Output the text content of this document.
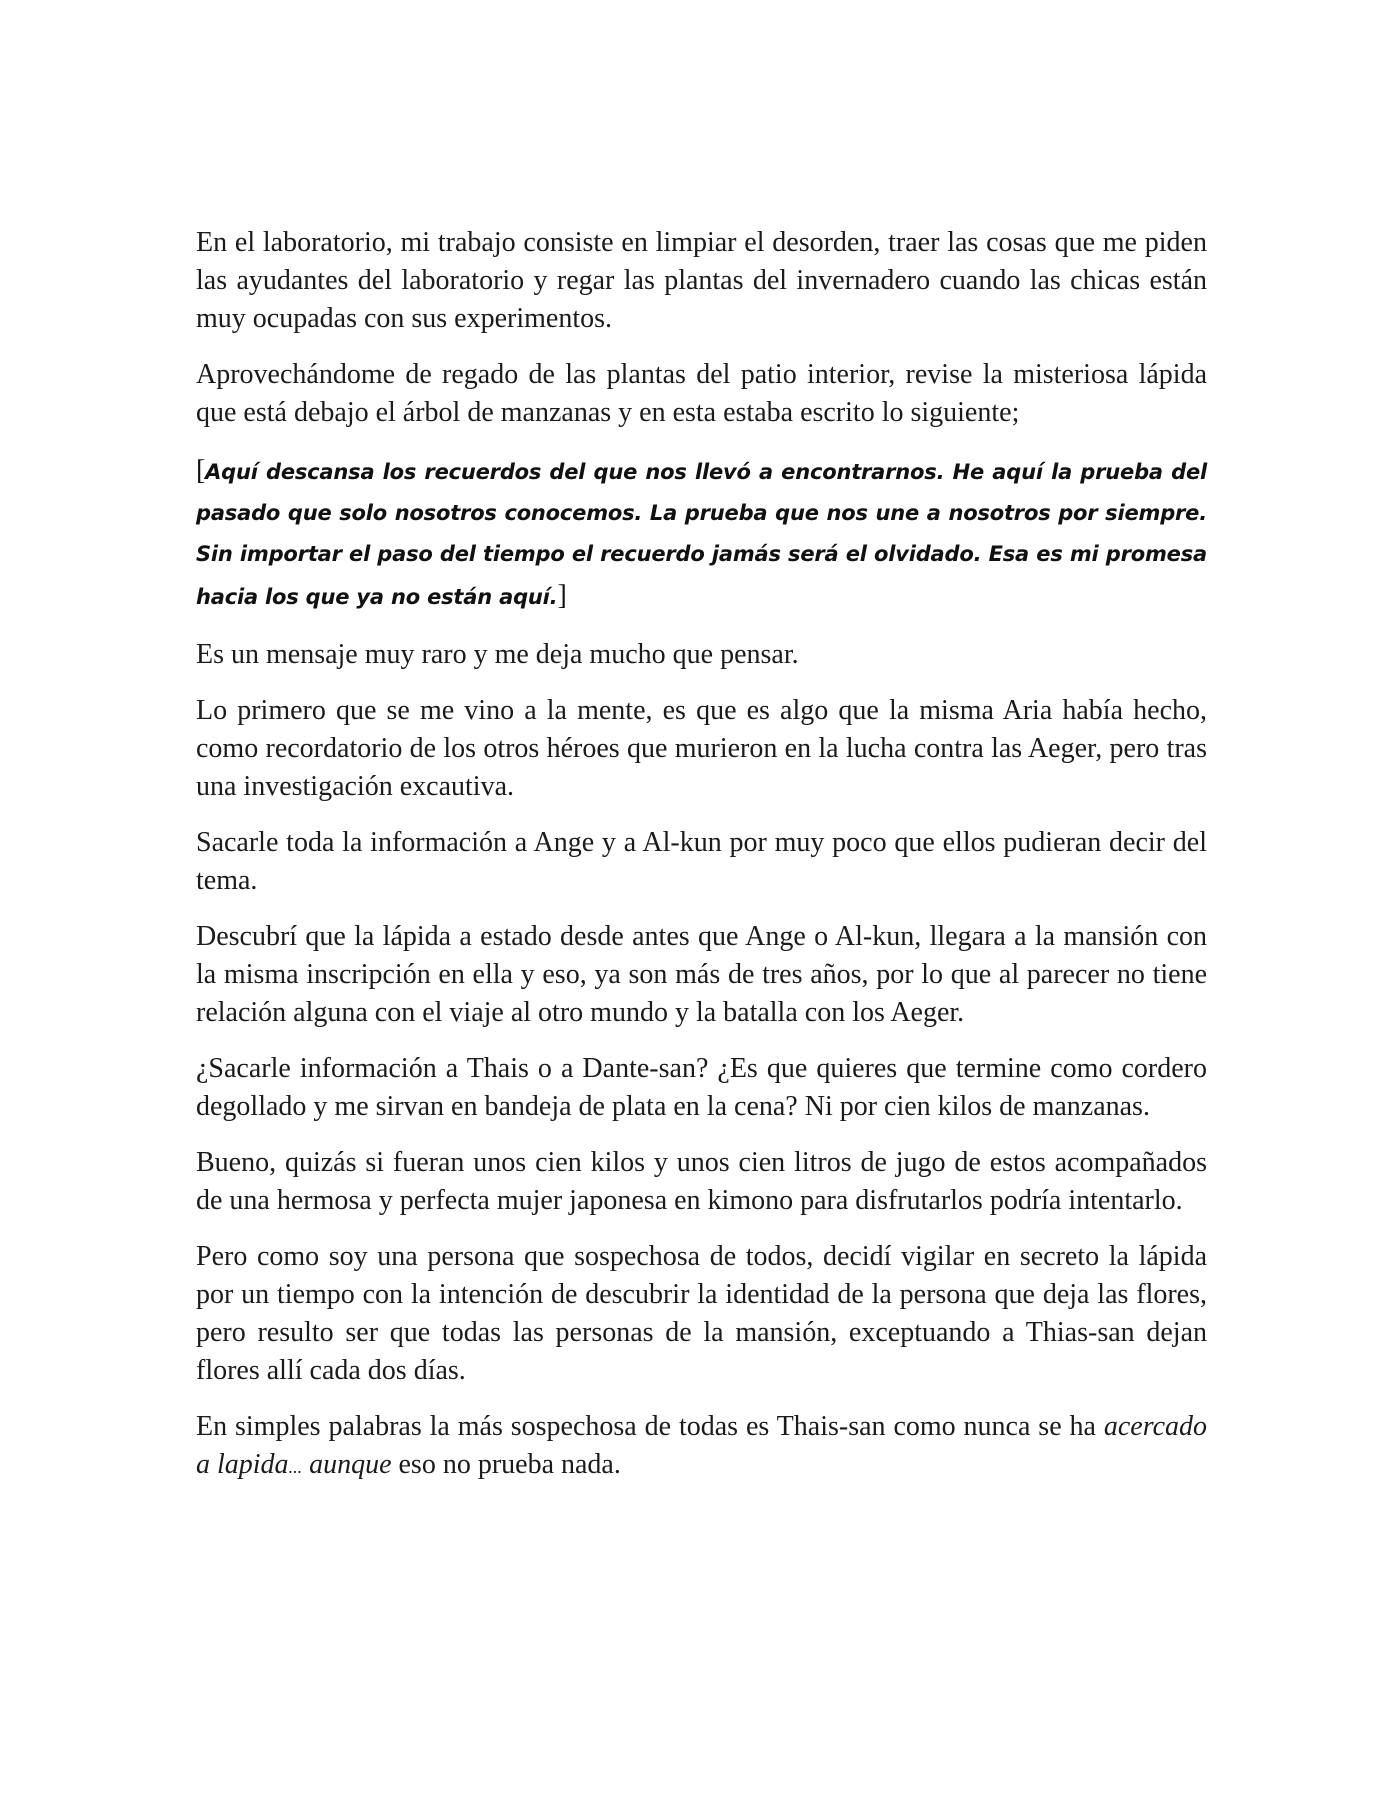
En el laboratorio, mi trabajo consiste en limpiar el desorden, traer las cosas que me piden las ayudantes del laboratorio y regar las plantas del invernadero cuando las chicas están muy ocupadas con sus experimentos.

Aprovechándome de regado de las plantas del patio interior, revise la misteriosa lápida que está debajo el árbol de manzanas y en esta estaba escrito lo siguiente;

[Aquí descansa los recuerdos del que nos llevó a encontrarnos. He aquí la prueba del pasado que solo nosotros conocemos. La prueba que nos une a nosotros por siempre. Sin importar el paso del tiempo el recuerdo jamás será el olvidado. Esa es mi promesa hacia los que ya no están aquí.]

Es un mensaje muy raro y me deja mucho que pensar.

Lo primero que se me vino a la mente, es que es algo que la misma Aria había hecho, como recordatorio de los otros héroes que murieron en la lucha contra las Aeger, pero tras una investigación excautiva.

Sacarle toda la información a Ange y a Al-kun por muy poco que ellos pudieran decir del tema.

Descubrí que la lápida a estado desde antes que Ange o Al-kun, llegara a la mansión con la misma inscripción en ella y eso, ya son más de tres años, por lo que al parecer no tiene relación alguna con el viaje al otro mundo y la batalla con los Aeger.

¿Sacarle información a Thais o a Dante-san? ¿Es que quieres que termine como cordero degollado y me sirvan en bandeja de plata en la cena? Ni por cien kilos de manzanas.

Bueno, quizás si fueran unos cien kilos y unos cien litros de jugo de estos acompañados de una hermosa y perfecta mujer japonesa en kimono para disfrutarlos podría intentarlo.

Pero como soy una persona que sospechosa de todos, decidí vigilar en secreto la lápida por un tiempo con la intención de descubrir la identidad de la persona que deja las flores, pero resulto ser que todas las personas de la mansión, exceptuando a Thias-san dejan flores allí cada dos días.

En simples palabras la más sospechosa de todas es Thais-san como nunca se ha acercado a lapida... aunque eso no prueba nada.
